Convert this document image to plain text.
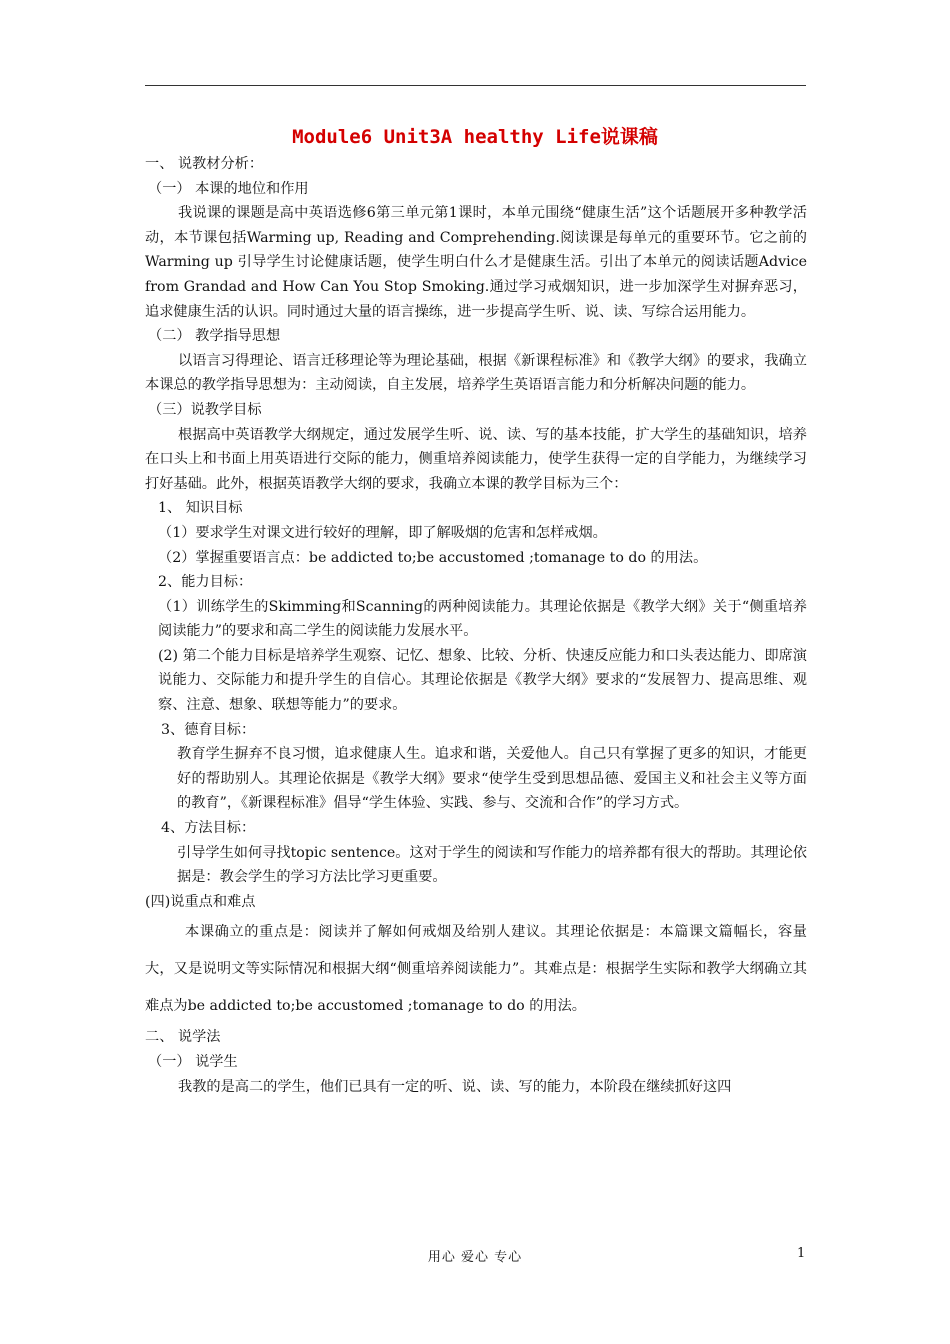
Module6 Unit3A healthy Life说课稿

一、 说教材分析：

（一） 本课的地位和作用

我说课的课题是高中英语选修6第三单元第1课时，本单元围绕“健康生活”这个话题展开多种教学活动，本节课包括Warming up, Reading and Comprehending.阅读课是每单元的重要环节。它之前的Warming up 引导学生讨论健康话题，使学生明白什么才是健康生活。引出了本单元的阅读话题Advice from Grandad and How Can You Stop Smoking.通过学习戒烟知识，进一步加深学生对摒弃恶习，追求健康生活的认识。同时通过大量的语言操练，进一步提高学生听、说、读、写综合运用能力。

（二） 教学指导思想

以语言习得理论、语言迁移理论等为理论基础，根据《新课程标准》和《教学大纲》的要求，我确立本课总的教学指导思想为：主动阅读，自主发展，培养学生英语语言能力和分析解决问题的能力。

（三）说教学目标

根据高中英语教学大纲规定，通过发展学生听、说、读、写的基本技能，扩大学生的基础知识，培养在口头上和书面上用英语进行交际的能力，侧重培养阅读能力，使学生获得一定的自学能力，为继续学习打好基础。此外，根据英语教学大纲的要求，我确立本课的教学目标为三个：

1、 知识目标

（1）要求学生对课文进行较好的理解，即了解吸烟的危害和怎样戒烟。

（2）掌握重要语言点：be addicted to;be accustomed ;tomanage to do 的用法。

2、能力目标：

（1）训练学生的Skimming和Scanning的两种阅读能力。其理论依据是《教学大纲》关于“侧重培养阅读能力”的要求和高二学生的阅读能力发展水平。

(2) 第二个能力目标是培养学生观察、记忆、想象、比较、分析、快速反应能力和口头表达能力、即席演说能力、交际能力和提升学生的自信心。其理论依据是《教学大纲》要求的“发展智力、提高思维、观察、注意、想象、联想等能力”的要求。

3、德育目标：

教育学生摒弃不良习惯，追求健康人生。追求和谐，关爱他人。自己只有掌握了更多的知识，才能更好的帮助别人。其理论依据是《教学大纲》要求“使学生受到思想品德、爱国主义和社会主义等方面的教育”，《新课程标准》倡导“学生体验、实践、参与、交流和合作”的学习方式。

4、方法目标：

引导学生如何寻找topic sentence。这对于学生的阅读和写作能力的培养都有很大的帮助。其理论依据是：教会学生的学习方法比学习更重要。

(四)说重点和难点

本课确立的重点是：阅读并了解如何戒烟及给别人建议。其理论依据是：本篇课文篇幅长，容量大，又是说明文等实际情况和根据大纲“侧重培养阅读能力”。其难点是：根据学生实际和教学大纲确立其难点为be addicted to;be accustomed ;tomanage to do 的用法。

二、 说学法

（一） 说学生

我教的是高二的学生，他们已具有一定的听、说、读、写的能力，本阶段在继续抓好这四

用心 爱心 专心	1
